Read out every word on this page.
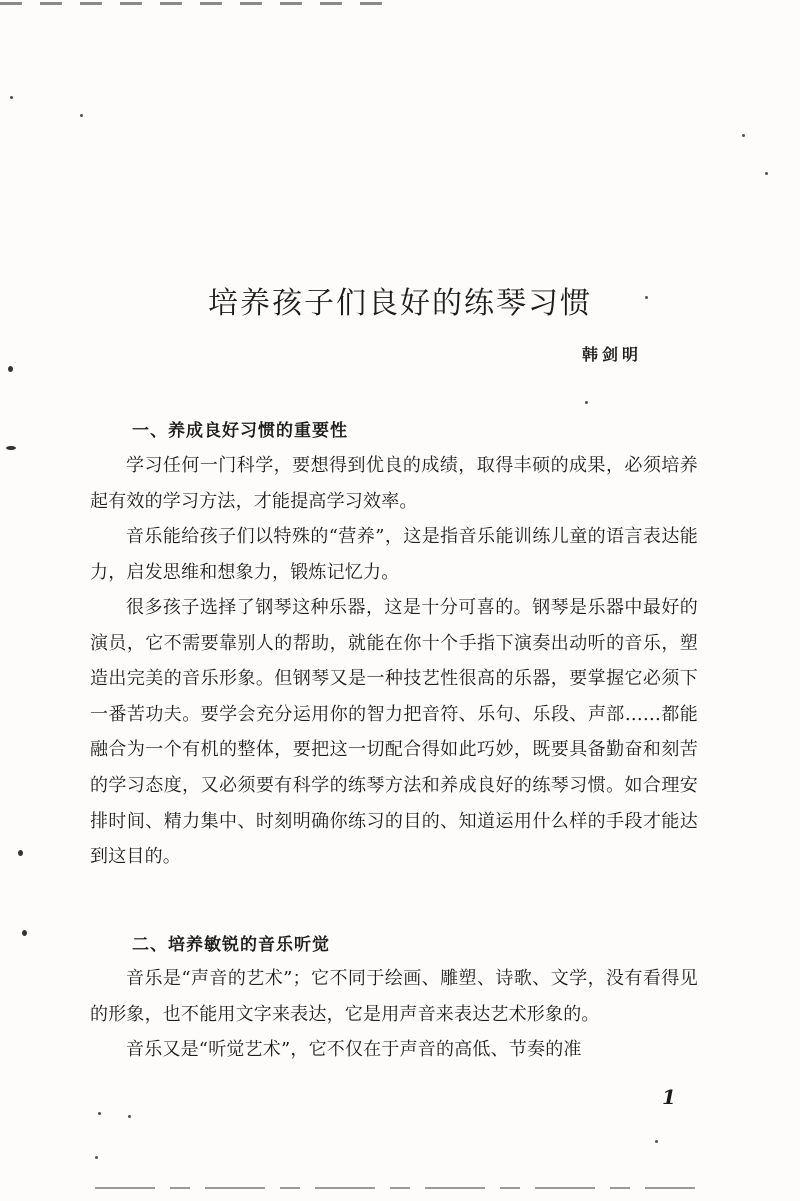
培养孩子们良好的练琴习惯
韩剑明
一、养成良好习惯的重要性

学习任何一门科学，要想得到优良的成绩，取得丰硕的成果，必须培养起有效的学习方法，才能提高学习效率。

音乐能给孩子们以特殊的“营养”，这是指音乐能训练儿童的语言表达能力，启发思维和想象力，锻炼记忆力。

很多孩子选择了钢琴这种乐器，这是十分可喜的。钢琴是乐器中最好的演员，它不需要靠别人的帮助，就能在你十个手指下演奏出动听的音乐，塑造出完美的音乐形象。但钢琴又是一种技艺性很高的乐器，要掌握它必须下一番苦功夫。要学会充分运用你的智力把音符、乐句、乐段、声部……都能融合为一个有机的整体，要把这一切配合得如此巧妙，既要具备勤奋和刻苦的学习态度，又必须要有科学的练琴方法和养成良好的练琴习惯。如合理安排时间、精力集中、时刻明确你练习的目的、知道运用什么样的手段才能达到这目的。

二、培养敏锐的音乐听觉

音乐是“声音的艺术”；它不同于绘画、雕塑、诗歌、文学，没有看得见的形象，也不能用文字来表达，它是用声音来表达艺术形象的。

音乐又是“听觉艺术”，它不仅在于声音的高低、节奏的准

1
